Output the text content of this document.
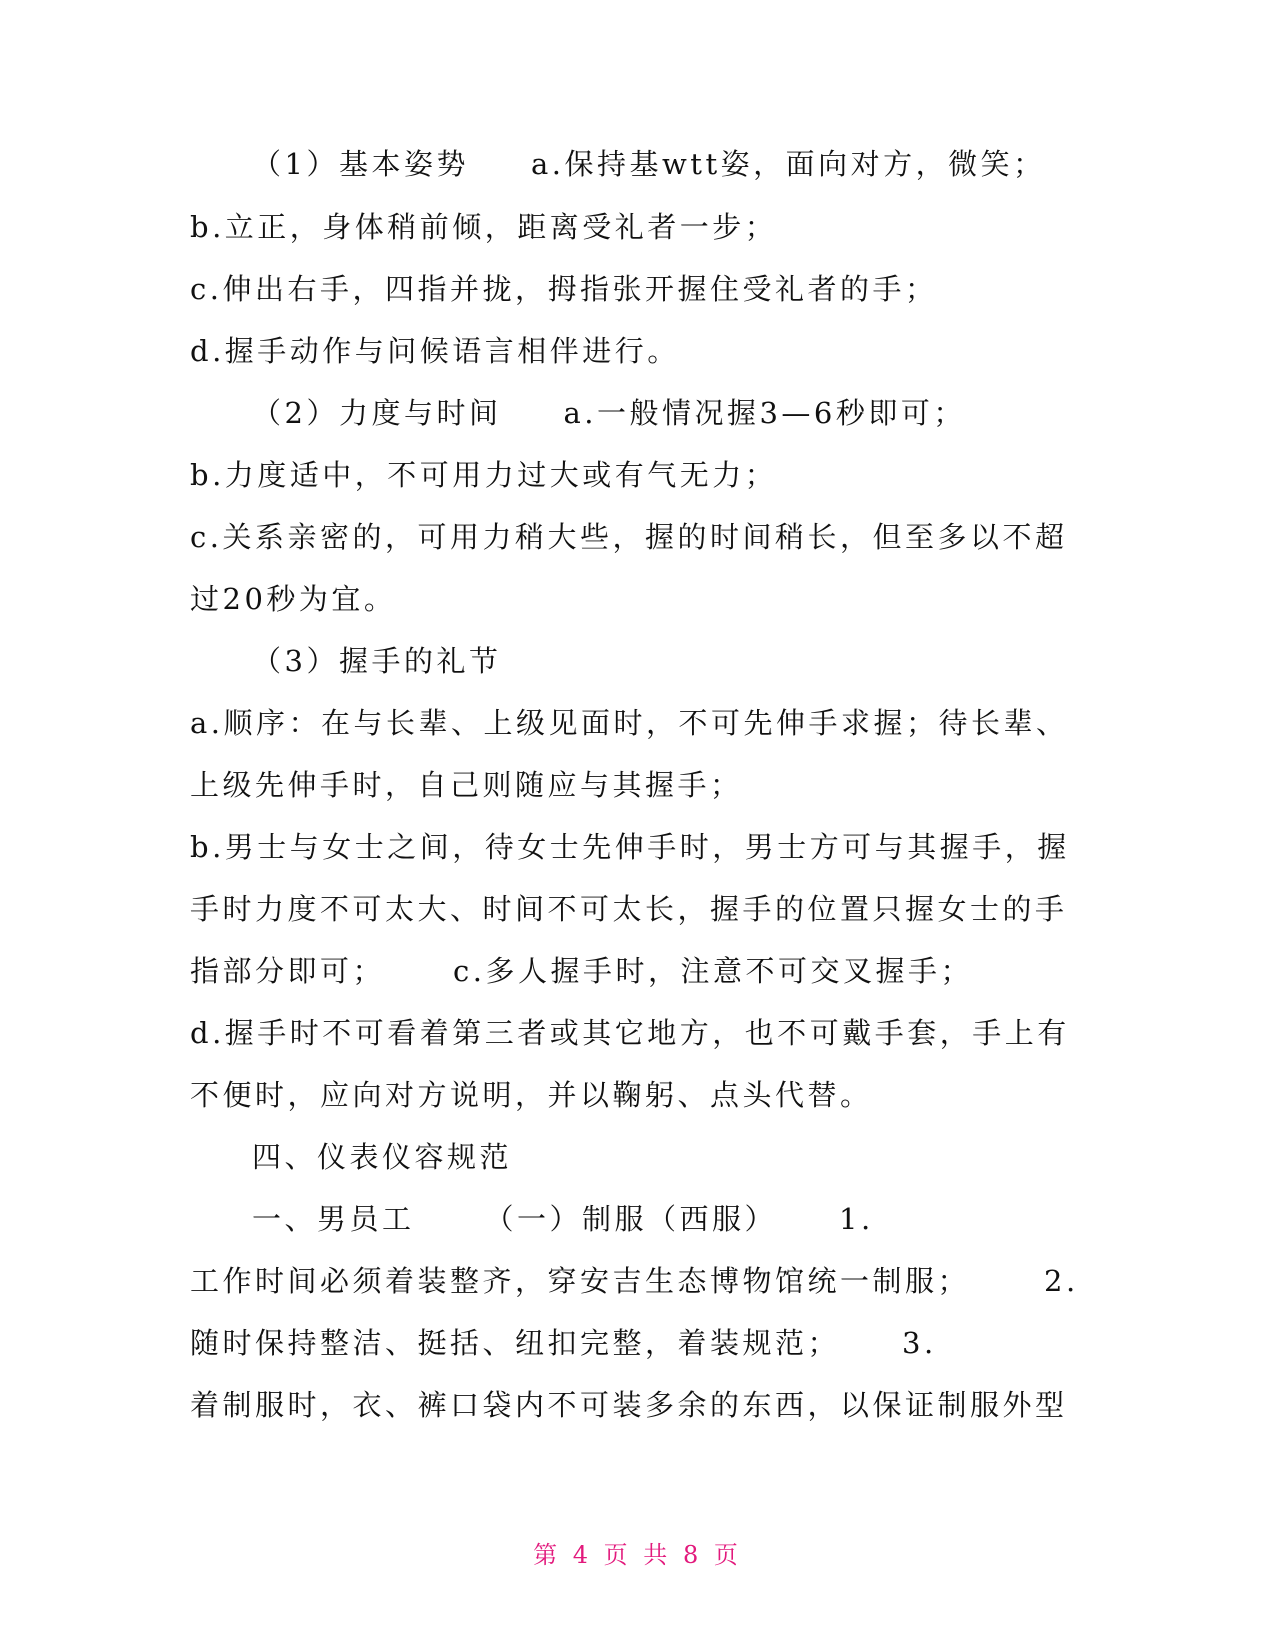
（1）基本姿势 a.保持基wtt姿，面向对方，微笑；
b.立正，身体稍前倾，距离受礼者一步；
c.伸出右手，四指并拢，拇指张开握住受礼者的手；
d.握手动作与问候语言相伴进行。
（2）力度与时间 a.一般情况握3—6秒即可；
b.力度适中，不可用力过大或有气无力；
c.关系亲密的，可用力稍大些，握的时间稍长，但至多以不超
过20秒为宜。
（3）握手的礼节
a.顺序：在与长辈、上级见面时，不可先伸手求握；待长辈、
上级先伸手时，自己则随应与其握手；
b.男士与女士之间，待女士先伸手时，男士方可与其握手，握
手时力度不可太大、时间不可太长，握手的位置只握女士的手
指部分即可； c.多人握手时，注意不可交叉握手；
d.握手时不可看着第三者或其它地方，也不可戴手套，手上有
不便时，应向对方说明，并以鞠躬、点头代替。
四、仪表仪容规范
一、男员工 （一）制服（西服） 1.
工作时间必须着装整齐，穿安吉生态博物馆统一制服；	2.
随时保持整洁、挺括、纽扣完整，着装规范； 3.
着制服时，衣、裤口袋内不可装多余的东西，以保证制服外型
第 4 页 共 8 页
